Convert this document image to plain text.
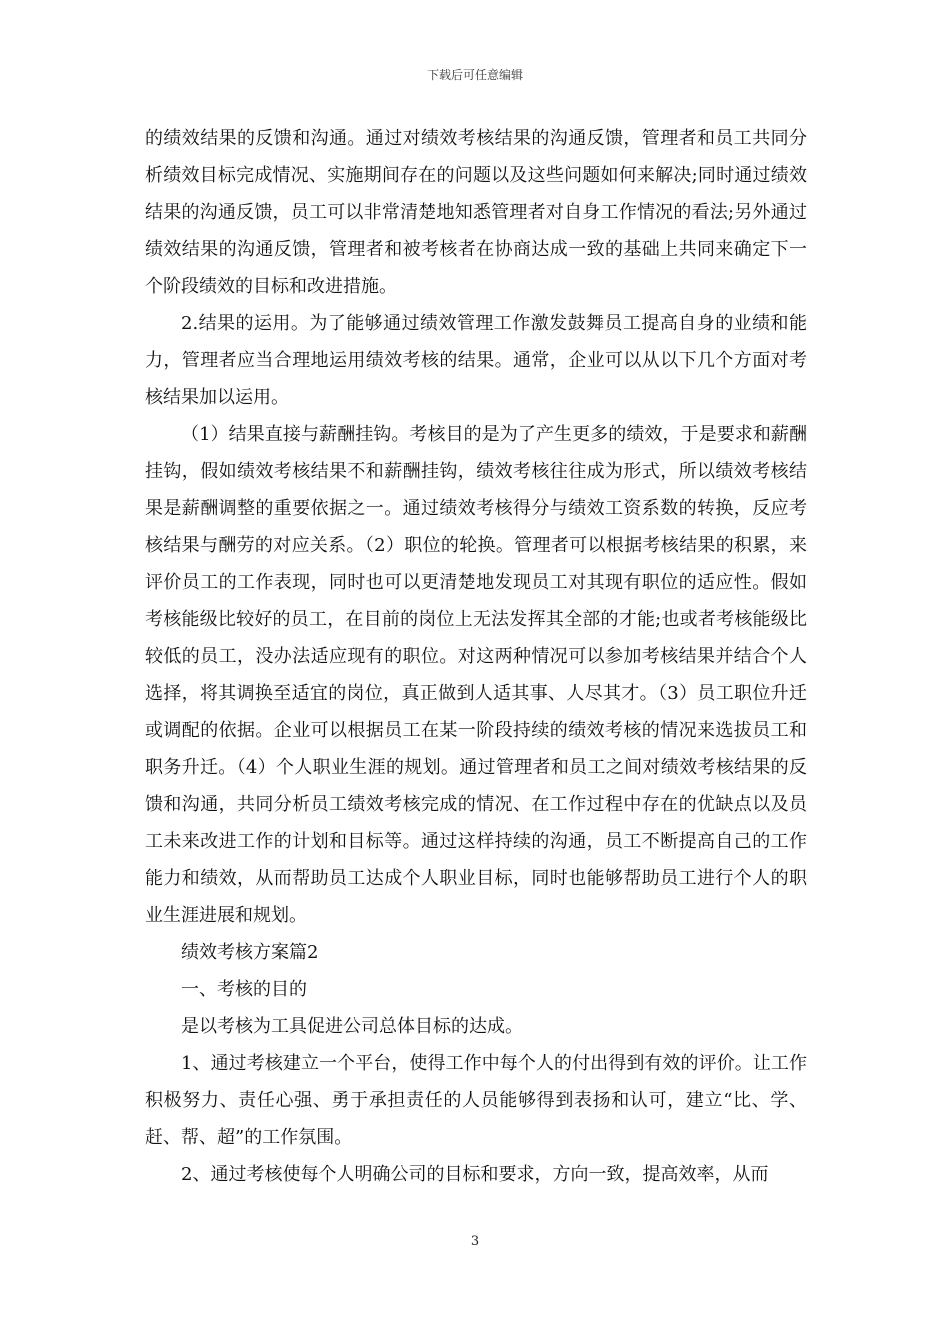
下载后可任意编辑

的绩效结果的反馈和沟通。通过对绩效考核结果的沟通反馈，管理者和员工共同分析绩效目标完成情况、实施期间存在的问题以及这些问题如何来解决;同时通过绩效结果的沟通反馈，员工可以非常清楚地知悉管理者对自身工作情况的看法;另外通过绩效结果的沟通反馈，管理者和被考核者在协商达成一致的基础上共同来确定下一个阶段绩效的目标和改进措施。

2.结果的运用。为了能够通过绩效管理工作激发鼓舞员工提高自身的业绩和能力，管理者应当合理地运用绩效考核的结果。通常，企业可以从以下几个方面对考核结果加以运用。

（1）结果直接与薪酬挂钩。考核目的是为了产生更多的绩效，于是要求和薪酬挂钩，假如绩效考核结果不和薪酬挂钩，绩效考核往往成为形式，所以绩效考核结果是薪酬调整的重要依据之一。通过绩效考核得分与绩效工资系数的转换，反应考核结果与酬劳的对应关系。（2）职位的轮换。管理者可以根据考核结果的积累，来评价员工的工作表现，同时也可以更清楚地发现员工对其现有职位的适应性。假如考核能级比较好的员工，在目前的岗位上无法发挥其全部的才能;也或者考核能级比较低的员工，没办法适应现有的职位。对这两种情况可以参加考核结果并结合个人选择，将其调换至适宜的岗位，真正做到人适其事、人尽其才。（3）员工职位升迁或调配的依据。企业可以根据员工在某一阶段持续的绩效考核的情况来选拔员工和职务升迁。（4）个人职业生涯的规划。通过管理者和员工之间对绩效考核结果的反馈和沟通，共同分析员工绩效考核完成的情况、在工作过程中存在的优缺点以及员工未来改进工作的计划和目标等。通过这样持续的沟通，员工不断提高自己的工作能力和绩效，从而帮助员工达成个人职业目标，同时也能够帮助员工进行个人的职业生涯进展和规划。

绩效考核方案篇2

一、考核的目的

是以考核为工具促进公司总体目标的达成。

1、通过考核建立一个平台，使得工作中每个人的付出得到有效的评价。让工作积极努力、责任心强、勇于承担责任的人员能够得到表扬和认可，建立“比、学、赶、帮、超”的工作氛围。

2、通过考核使每个人明确公司的目标和要求，方向一致，提高效率，从而

3
